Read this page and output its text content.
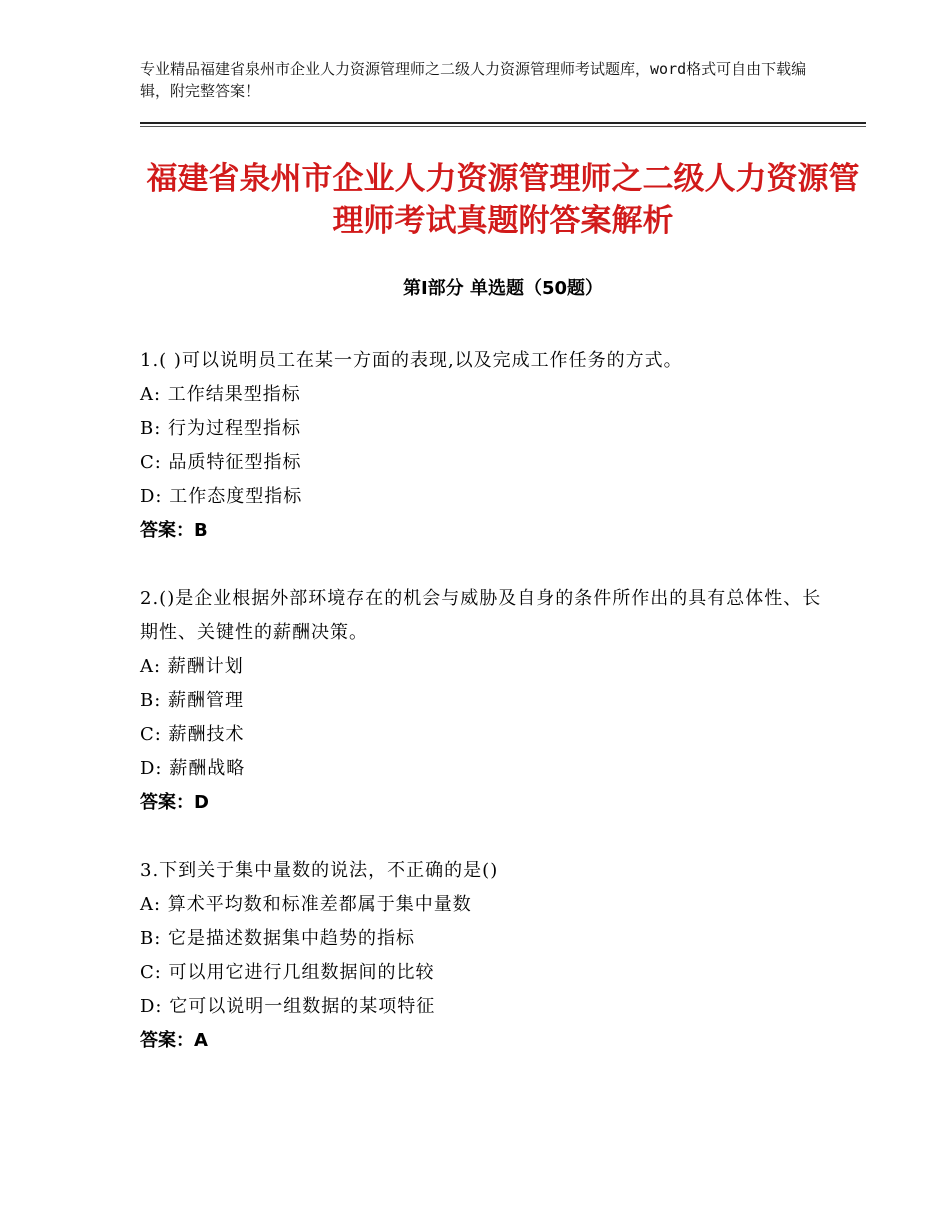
专业精品福建省泉州市企业人力资源管理师之二级人力资源管理师考试题库，word格式可自由下载编辑，附完整答案！
福建省泉州市企业人力资源管理师之二级人力资源管理师考试真题附答案解析
第Ⅰ部分 单选题（50题）
1.( )可以说明员工在某一方面的表现,以及完成工作任务的方式。
A: 工作结果型指标
B: 行为过程型指标
C: 品质特征型指标
D: 工作态度型指标
答案：B
2.()是企业根据外部环境存在的机会与威胁及自身的条件所作出的具有总体性、长期性、关键性的薪酬决策。
A: 薪酬计划
B: 薪酬管理
C: 薪酬技术
D: 薪酬战略
答案：D
3.下到关于集中量数的说法，不正确的是()
A: 算术平均数和标准差都属于集中量数
B: 它是描述数据集中趋势的指标
C: 可以用它进行几组数据间的比较
D: 它可以说明一组数据的某项特征
答案：A
